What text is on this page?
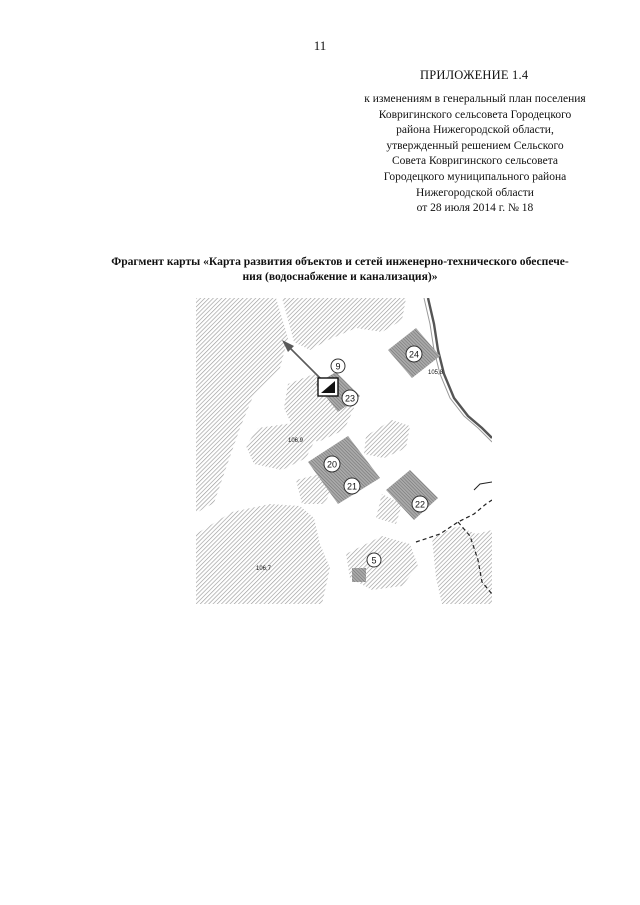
11
ПРИЛОЖЕНИЕ 1.4
к изменениям в генеральный план поселения
Ковригинского сельсовета Городецкого
района Нижегородской области,
утвержденный решением Сельского
Совета Ковригинского сельсовета
Городецкого муниципального района
Нижегородской области
от 28 июля 2014 г. № 18
Фрагмент карты «Карта развития объектов и сетей инженерно-технического обеспече-
ния (водоснабжение и канализация)»
9
24
23
20
21
22
5
105,8
106,9
106,7
